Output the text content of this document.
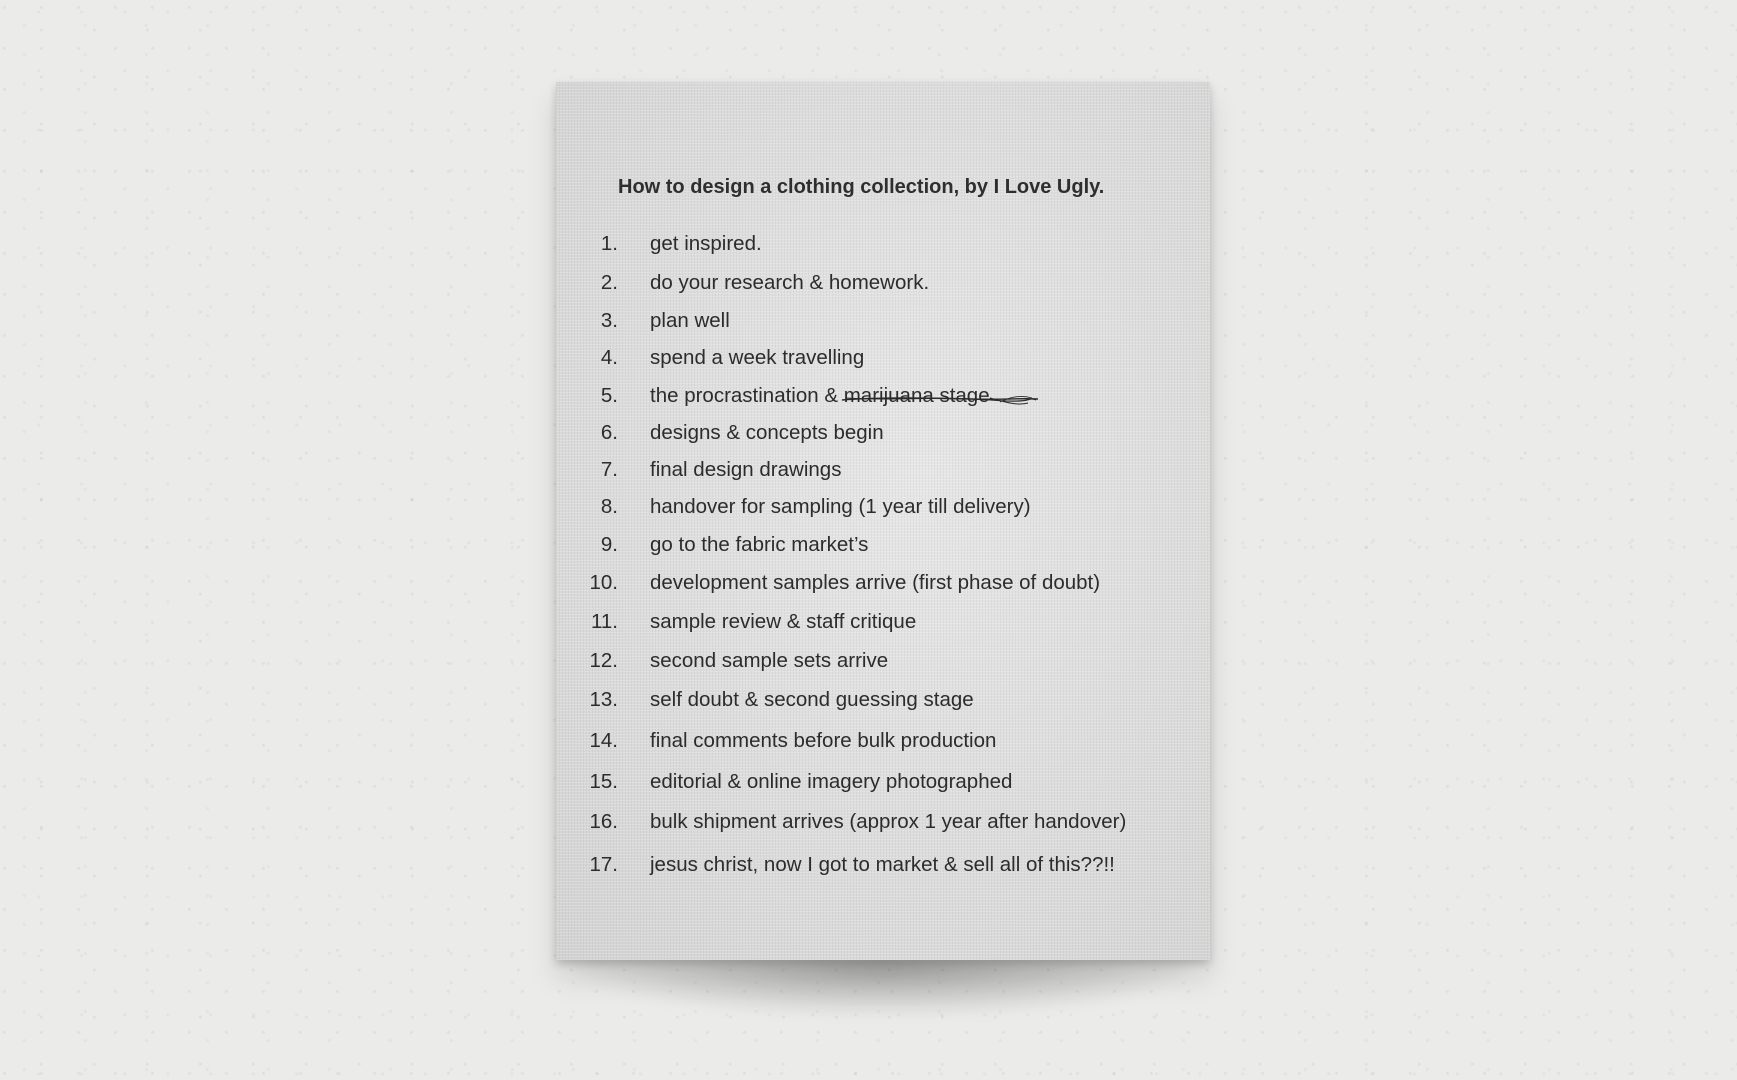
How to design a clothing collection, by I Love Ugly.
1. get inspired.
2. do your research & homework.
3. plan well
4. spend a week travelling
5. the procrastination & marijuana stage
6. designs & concepts begin
7. final design drawings
8. handover for sampling (1 year till delivery)
9. go to the fabric market’s
10. development samples arrive (first phase of doubt)
11. sample review & staff critique
12. second sample sets arrive
13. self doubt & second guessing stage
14. final comments before bulk production
15. editorial & online imagery photographed
16. bulk shipment arrives (approx 1 year after handover)
17. jesus christ, now I got to market & sell all of this??!!
